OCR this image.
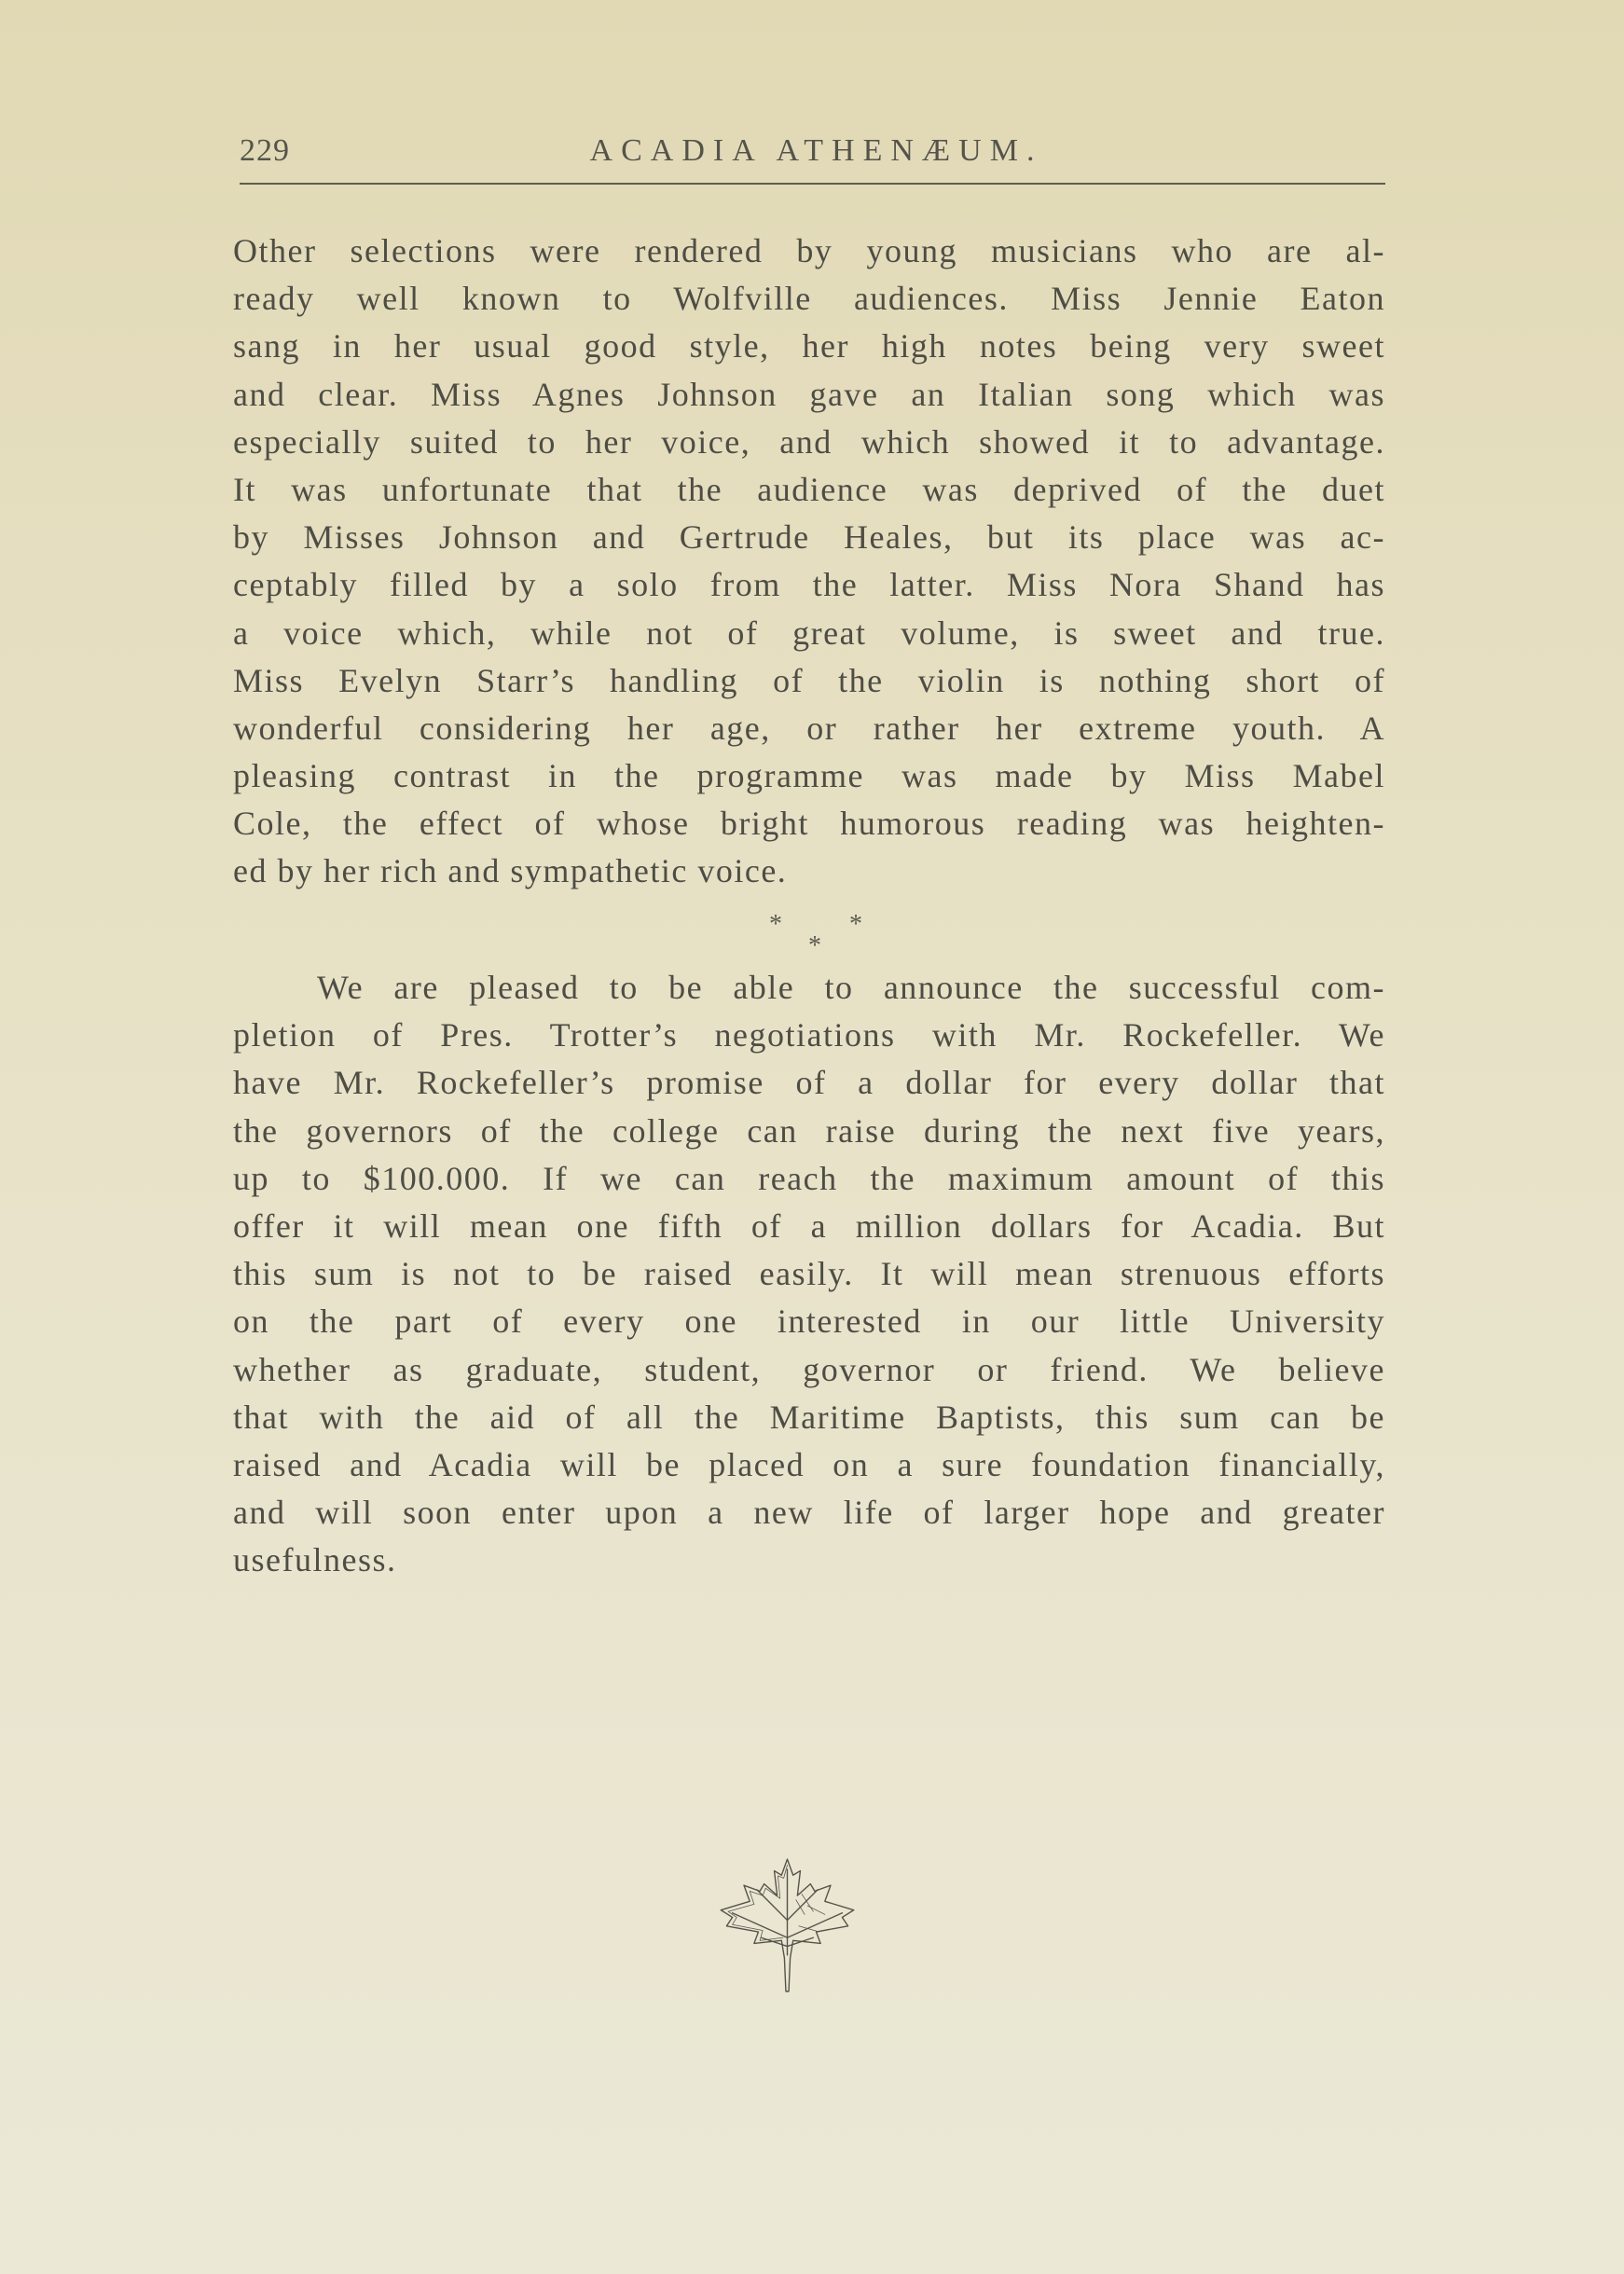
229	ACADIA ATHENÆUM.
Other selections were rendered by young musicians who are al-
ready well known to Wolfville audiences. Miss Jennie Eaton
sang in her usual good style, her high notes being very sweet
and clear. Miss Agnes Johnson gave an Italian song which was
especially suited to her voice, and which showed it to advantage.
It was unfortunate that the audience was deprived of the duet
by Misses Johnson and Gertrude Heales, but its place was ac-
ceptably filled by a solo from the latter. Miss Nora Shand has
a voice which, while not of great volume, is sweet and true.
Miss Evelyn Starr’s handling of the violin is nothing short of
wonderful considering her age, or rather her extreme youth. A
pleasing contrast in the programme was made by Miss Mabel
Cole, the effect of whose bright humorous reading was heighten-
ed by her rich and sympathetic voice.
*	*
*
We are pleased to be able to announce the successful com-
pletion of Pres. Trotter’s negotiations with Mr. Rockefeller. We
have Mr. Rockefeller’s promise of a dollar for every dollar that
the governors of the college can raise during the next five years,
up to $100.000. If we can reach the maximum amount of this
offer it will mean one fifth of a million dollars for Acadia. But
this sum is not to be raised easily. It will mean strenuous efforts
on the part of every one interested in our little University
whether as graduate, student, governor or friend. We believe
that with the aid of all the Maritime Baptists, this sum can be
raised and Acadia will be placed on a sure foundation financially,
and will soon enter upon a new life of larger hope and greater
usefulness.
